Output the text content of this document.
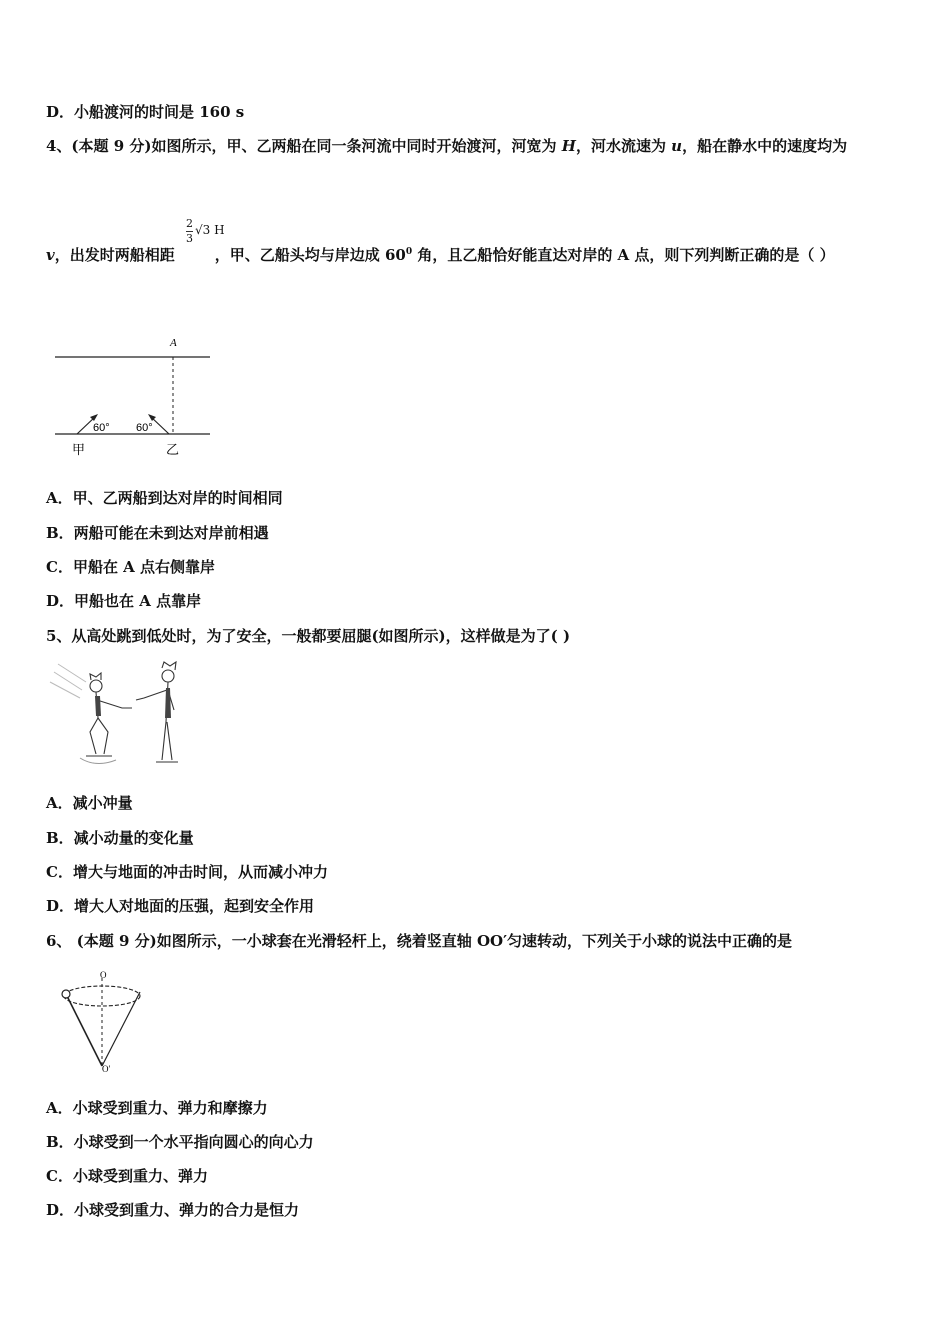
D．小船渡河的时间是 160 s
4、(本题 9 分)如图所示，甲、乙两船在同一条河流中同时开始渡河，河宽为 H，河水流速为 u，船在静水中的速度均为
2
3
√3 H
v，出发时两船相距	，甲、乙船头均与岸边成 $60^0$ 角，且乙船恰好能直达对岸的 A 点，则下列判断正确的是（ ）
A
60° 60°
甲	乙
A．甲、乙两船到达对岸的时间相同
B．两船可能在未到达对岸前相遇
C．甲船在 A 点右侧靠岸
D．甲船也在 A 点靠岸
5、从高处跳到低处时，为了安全，一般都要屈腿(如图所示)，这样做是为了( )
A．减小冲量
B．减小动量的变化量
C．增大与地面的冲击时间，从而减小冲力
D．增大人对地面的压强，起到安全作用
6、 (本题 9 分)如图所示，一小球套在光滑轻杆上，绕着竖直轴 OO′匀速转动，下列关于小球的说法中正确的是
O
O′
A．小球受到重力、弹力和摩擦力
B．小球受到一个水平指向圆心的向心力
C．小球受到重力、弹力
D．小球受到重力、弹力的合力是恒力
